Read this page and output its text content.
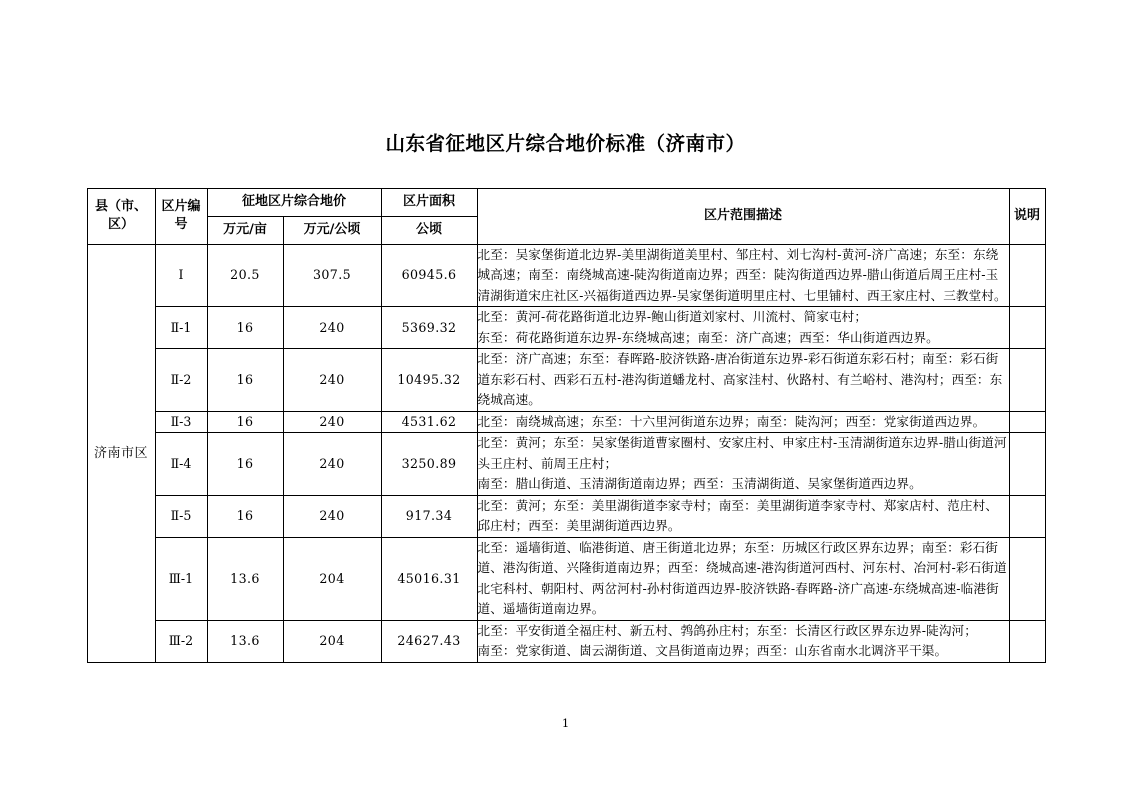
山东省征地区片综合地价标准（济南市）
县（市、区）	区片编号	征地区片综合地价		区片面积	区片范围描述	说明
		万元/亩	万元/公顷	公顷		
济南市区	Ⅰ	20.5	307.5	60945.6	北至：吴家堡街道北边界-美里湖街道美里村、邹庄村、刘七沟村-黄河-济广高速；东至：东绕城高速；南至：南绕城高速-陡沟街道南边界；西至：陡沟街道西边界-腊山街道后周王庄村-玉清湖街道宋庄社区-兴福街道西边界-吴家堡街道明里庄村、七里铺村、西王家庄村、三教堂村。	

	Ⅱ-1	16	240	5369.32	北至：黄河-荷花路街道北边界-鲍山街道刘家村、川流村、简家屯村；

东至：荷花路街道东边界-东绕城高速；南至：济广高速；西至：华山街道西边界。	

	Ⅱ-2	16	240	10495.32	北至：济广高速；东至：春晖路-胶济铁路-唐冶街道东边界-彩石街道东彩石村；南至：彩石街道东彩石村、西彩石五村-港沟街道蟠龙村、高家洼村、伙路村、有兰峪村、港沟村；西至：东绕城高速。	

	Ⅱ-3	16	240	4531.62	北至：南绕城高速；东至：十六里河街道东边界；南至：陡沟河；西至：党家街道西边界。	

	Ⅱ-4	16	240	3250.89	北至：黄河；东至：吴家堡街道曹家圈村、安家庄村、申家庄村-玉清湖街道东边界-腊山街道河头王庄村、前周王庄村；

南至：腊山街道、玉清湖街道南边界；西至：玉清湖街道、吴家堡街道西边界。	

	Ⅱ-5	16	240	917.34	北至：黄河；东至：美里湖街道李家寺村；南至：美里湖街道李家寺村、郑家店村、范庄村、邱庄村；西至：美里湖街道西边界。	

	Ⅲ-1	13.6	204	45016.31	北至：遥墙街道、临港街道、唐王街道北边界；东至：历城区行政区界东边界；南至：彩石街道、港沟街道、兴隆街道南边界；西至：绕城高速-港沟街道河西村、河东村、冶河村-彩石街道北宅科村、朝阳村、两岔河村-孙村街道西边界-胶济铁路-春晖路-济广高速-东绕城高速-临港街道、遥墙街道南边界。	

	Ⅲ-2	13.6	204	24627.43	北至：平安街道全福庄村、新五村、鹁鸽孙庄村；东至：长清区行政区界东边界-陡沟河；

南至：党家街道、崮云湖街道、文昌街道南边界；西至：山东省南水北调济平干渠。	

1
